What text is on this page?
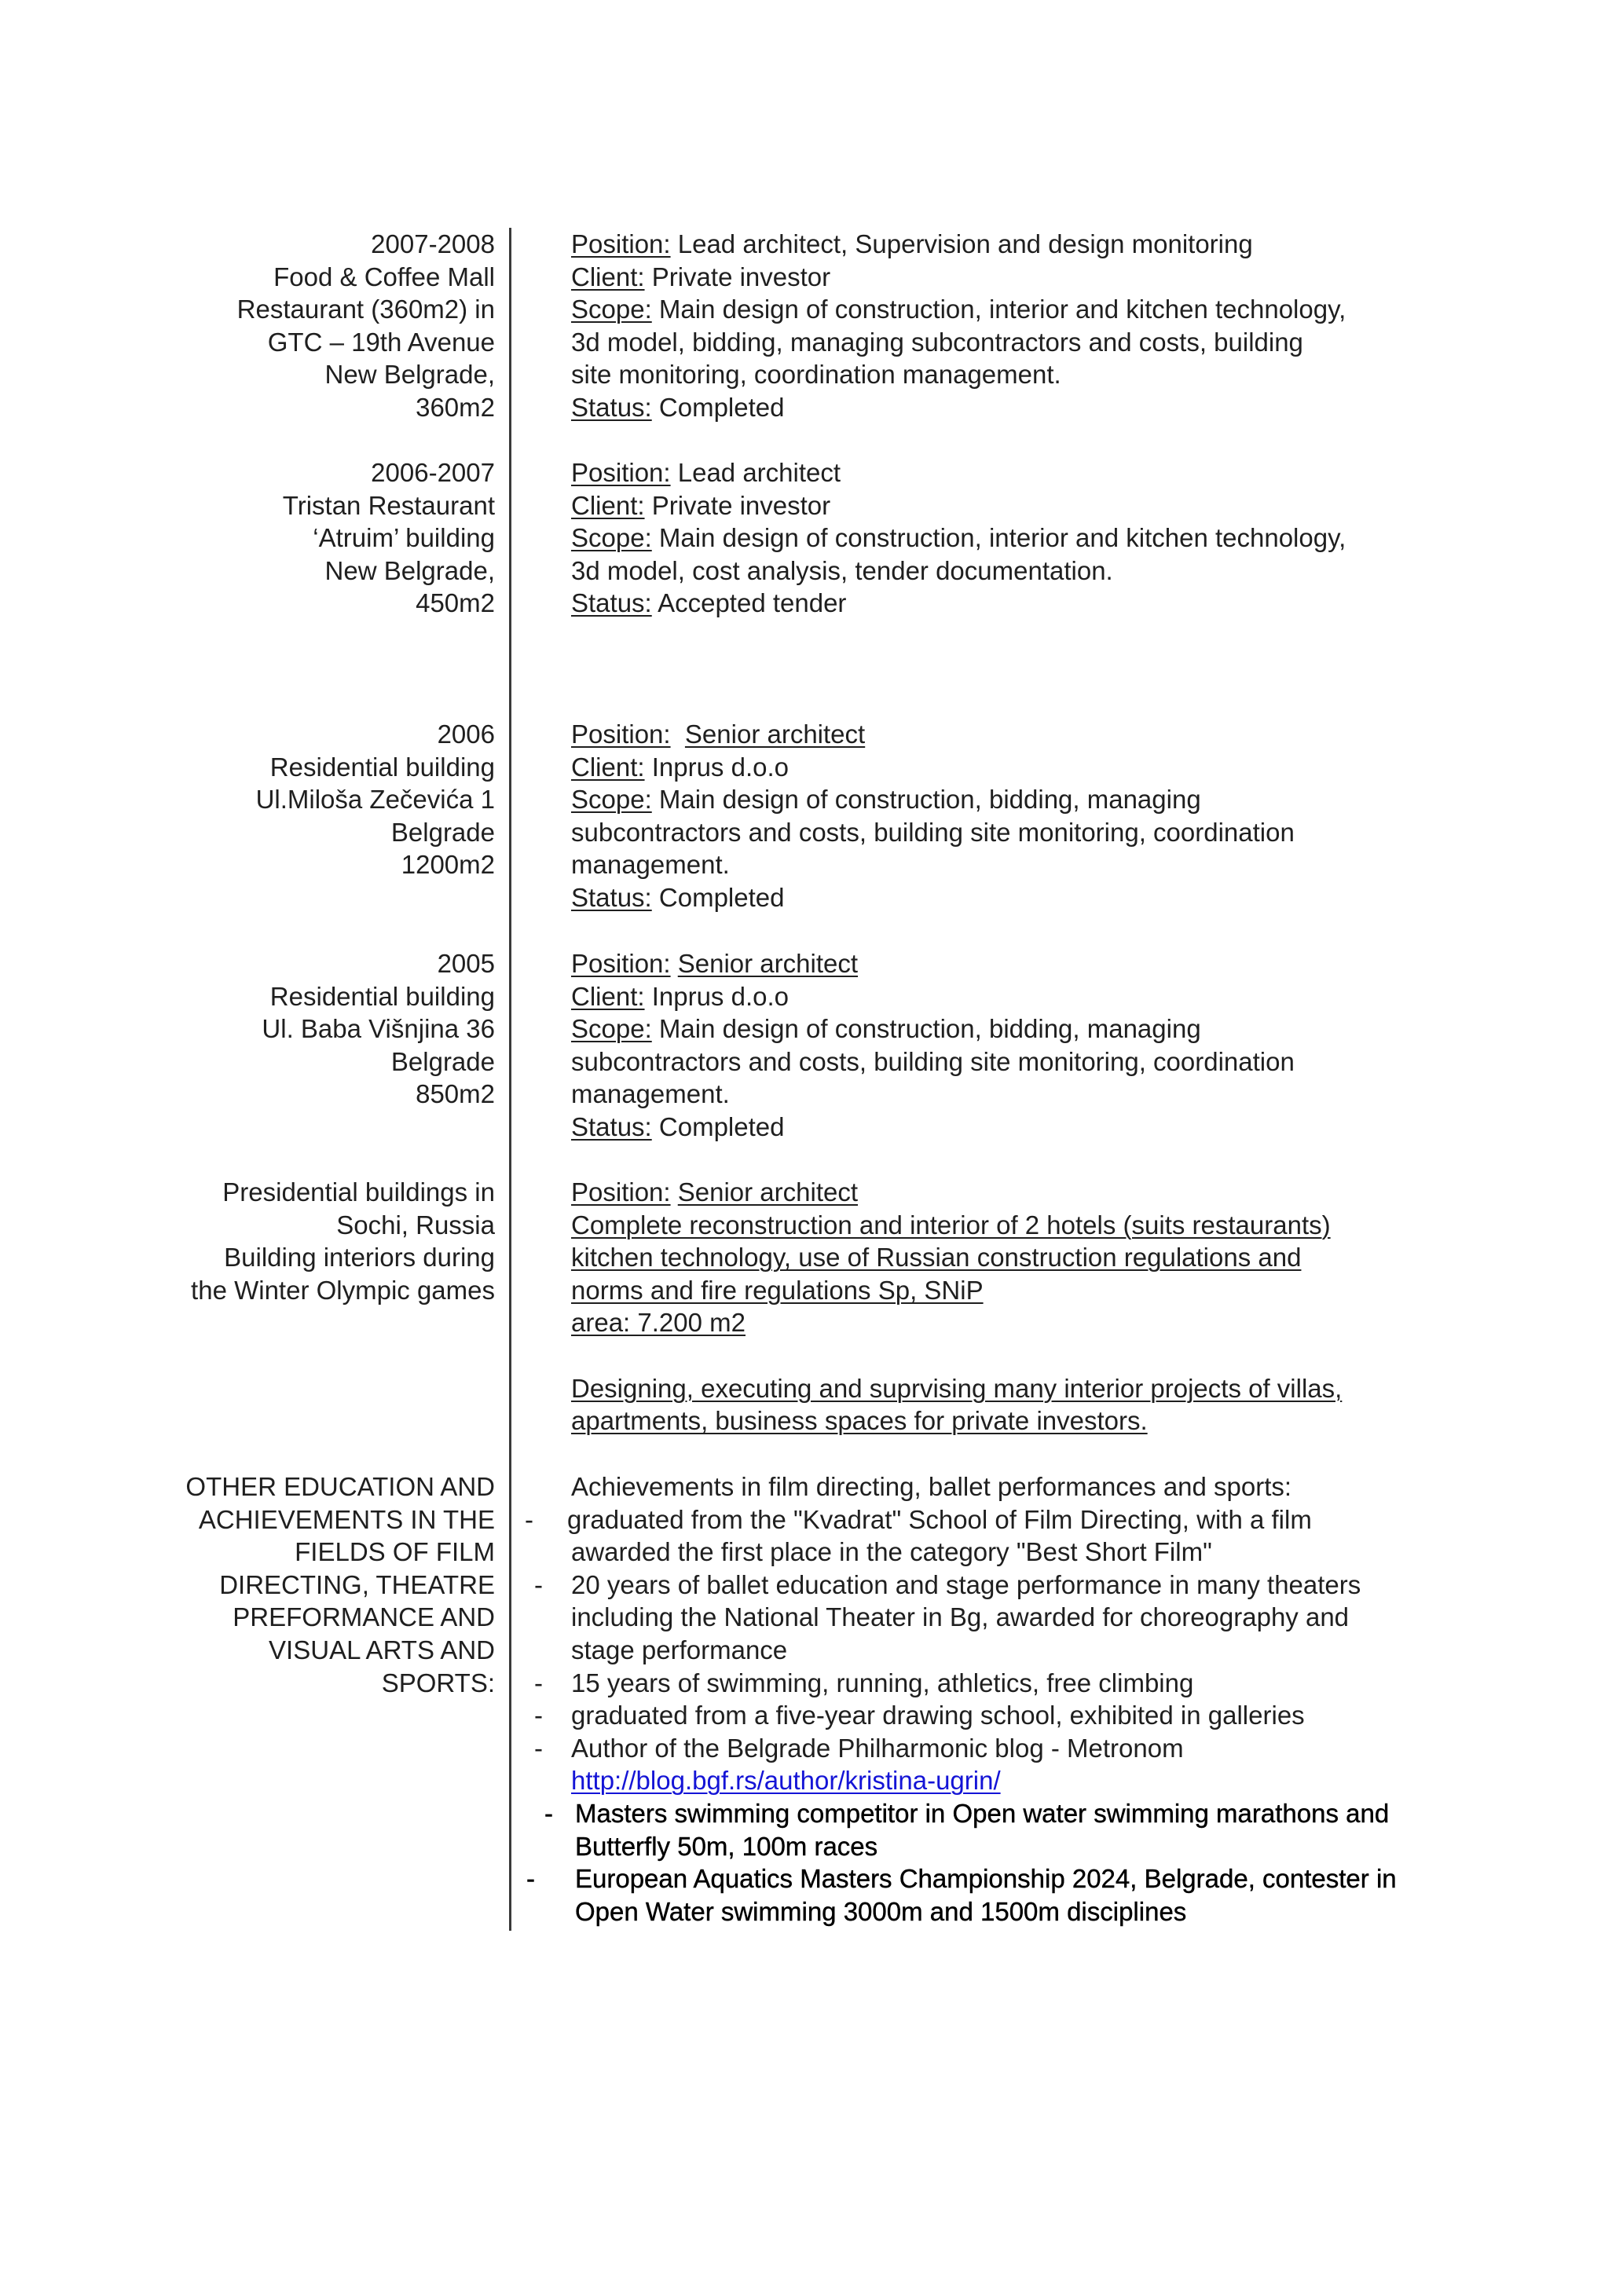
2007-2008
Food & Coffee Mall
Restaurant (360m2) in
GTC – 19th Avenue
New Belgrade,
360m2
Position: Lead architect, Supervision and design monitoring
Client: Private investor
Scope: Main design of construction, interior and kitchen technology,
3d model, bidding, managing subcontractors and costs, building
site monitoring, coordination management.
Status: Completed
2006-2007
Tristan Restaurant
‘Atruim’ building
New Belgrade,
450m2
Position: Lead architect
Client: Private investor
Scope: Main design of construction, interior and kitchen technology,
3d model, cost analysis, tender documentation.
Status: Accepted tender
2006
Residential building
Ul.Miloša Zečevića 1
Belgrade
1200m2
Position: Senior architect
Client: Inprus d.o.o
Scope: Main design of construction, bidding, managing
subcontractors and costs, building site monitoring, coordination
management.
Status: Completed
2005
Residential building
Ul. Baba Višnjina 36
Belgrade
850m2
Position: Senior architect
Client: Inprus d.o.o
Scope: Main design of construction, bidding, managing
subcontractors and costs, building site monitoring, coordination
management.
Status: Completed
Presidential buildings in
Sochi, Russia
Building interiors during
the Winter Olympic games
Position: Senior architect
Complete reconstruction and interior of 2 hotels (suits restaurants)
kitchen technology, use of Russian construction regulations and
norms and fire regulations Sp, SNiP
area: 7.200 m2

Designing, executing and suprvising many interior projects of villas,
apartments, business spaces for private investors.
OTHER EDUCATION AND
ACHIEVEMENTS IN THE
FIELDS OF FILM
DIRECTING, THEATRE
PREFORMANCE AND
VISUAL ARTS AND
SPORTS:
Achievements in film directing, ballet performances and sports:
- graduated from the "Kvadrat" School of Film Directing, with a film
awarded the first place in the category "Best Short Film"
- 20 years of ballet education and stage performance in many theaters
including the National Theater in Bg, awarded for choreography and
stage performance
- 15 years of swimming, running, athletics, free climbing
- graduated from a five-year drawing school, exhibited in galleries
- Author of the Belgrade Philharmonic blog - Metronom
http://blog.bgf.rs/author/kristina-ugrin/
- Masters swimming competitor in Open water swimming marathons and
Butterfly 50m, 100m races
- European Aquatics Masters Championship 2024, Belgrade, contester in
Open Water swimming 3000m and 1500m disciplines
